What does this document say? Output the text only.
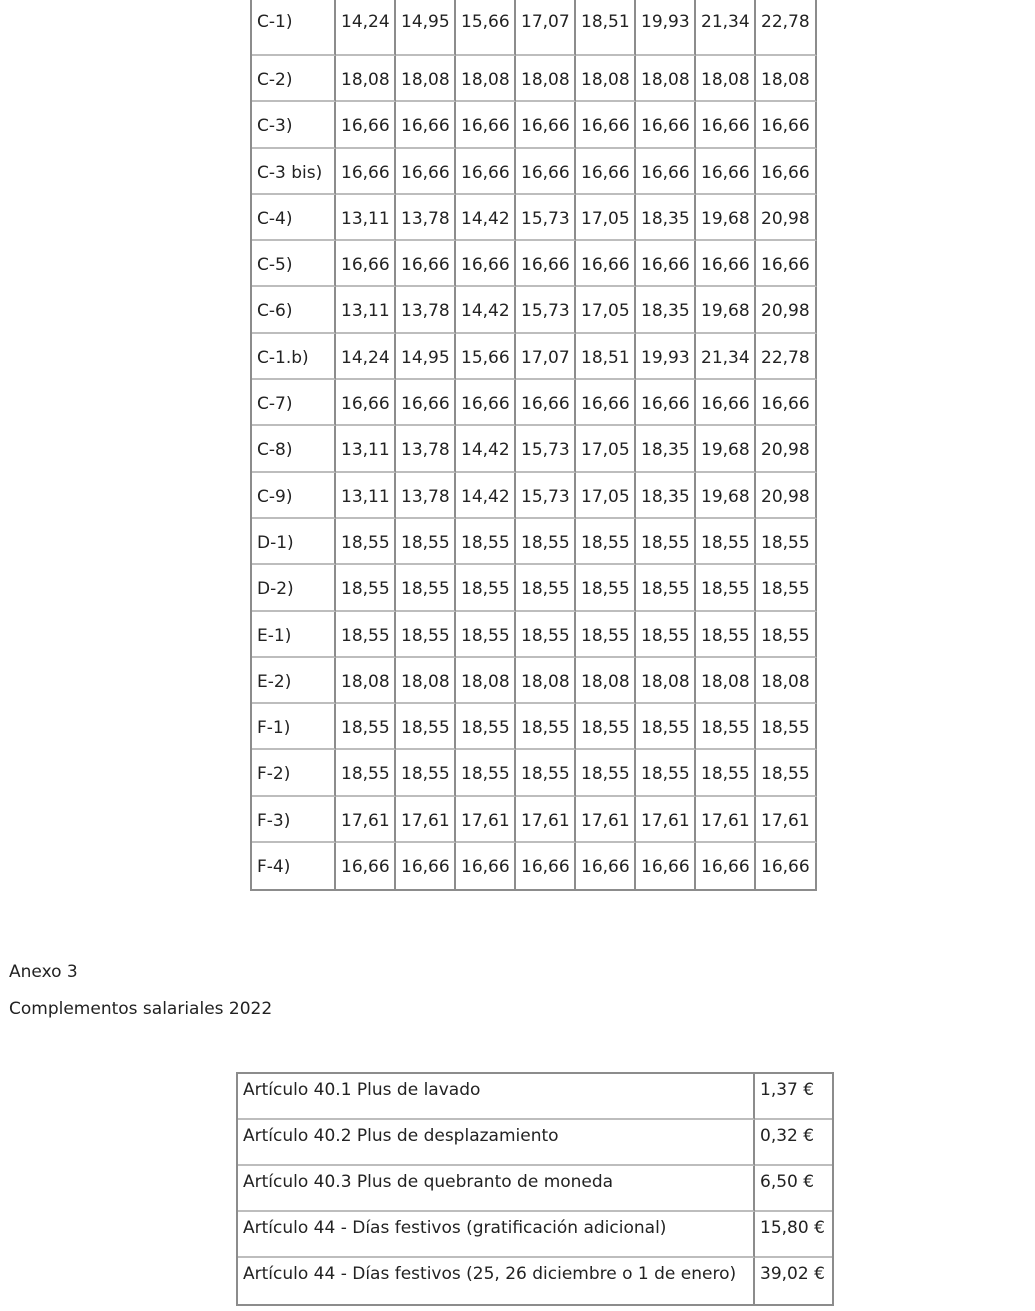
C-1)	14,24	14,95	15,66	17,07	18,51	19,93	21,34	22,78
C-2)	18,08	18,08	18,08	18,08	18,08	18,08	18,08	18,08
C-3)	16,66	16,66	16,66	16,66	16,66	16,66	16,66	16,66
C-3 bis)	16,66	16,66	16,66	16,66	16,66	16,66	16,66	16,66
C-4)	13,11	13,78	14,42	15,73	17,05	18,35	19,68	20,98
C-5)	16,66	16,66	16,66	16,66	16,66	16,66	16,66	16,66
C-6)	13,11	13,78	14,42	15,73	17,05	18,35	19,68	20,98
C-1.b)	14,24	14,95	15,66	17,07	18,51	19,93	21,34	22,78
C-7)	16,66	16,66	16,66	16,66	16,66	16,66	16,66	16,66
C-8)	13,11	13,78	14,42	15,73	17,05	18,35	19,68	20,98
C-9)	13,11	13,78	14,42	15,73	17,05	18,35	19,68	20,98
D-1)	18,55	18,55	18,55	18,55	18,55	18,55	18,55	18,55
D-2)	18,55	18,55	18,55	18,55	18,55	18,55	18,55	18,55
E-1)	18,55	18,55	18,55	18,55	18,55	18,55	18,55	18,55
E-2)	18,08	18,08	18,08	18,08	18,08	18,08	18,08	18,08
F-1)	18,55	18,55	18,55	18,55	18,55	18,55	18,55	18,55
F-2)	18,55	18,55	18,55	18,55	18,55	18,55	18,55	18,55
F-3)	17,61	17,61	17,61	17,61	17,61	17,61	17,61	17,61
F-4)	16,66	16,66	16,66	16,66	16,66	16,66	16,66	16,66
Anexo 3
Complementos salariales 2022
Artículo 40.1 Plus de lavado	1,37 €
Artículo 40.2 Plus de desplazamiento	0,32 €
Artículo 40.3 Plus de quebranto de moneda	6,50 €
Artículo 44 - Días festivos (gratificación adicional)	15,80 €
Artículo 44 - Días festivos (25, 26 diciembre o 1 de enero)	39,02 €
